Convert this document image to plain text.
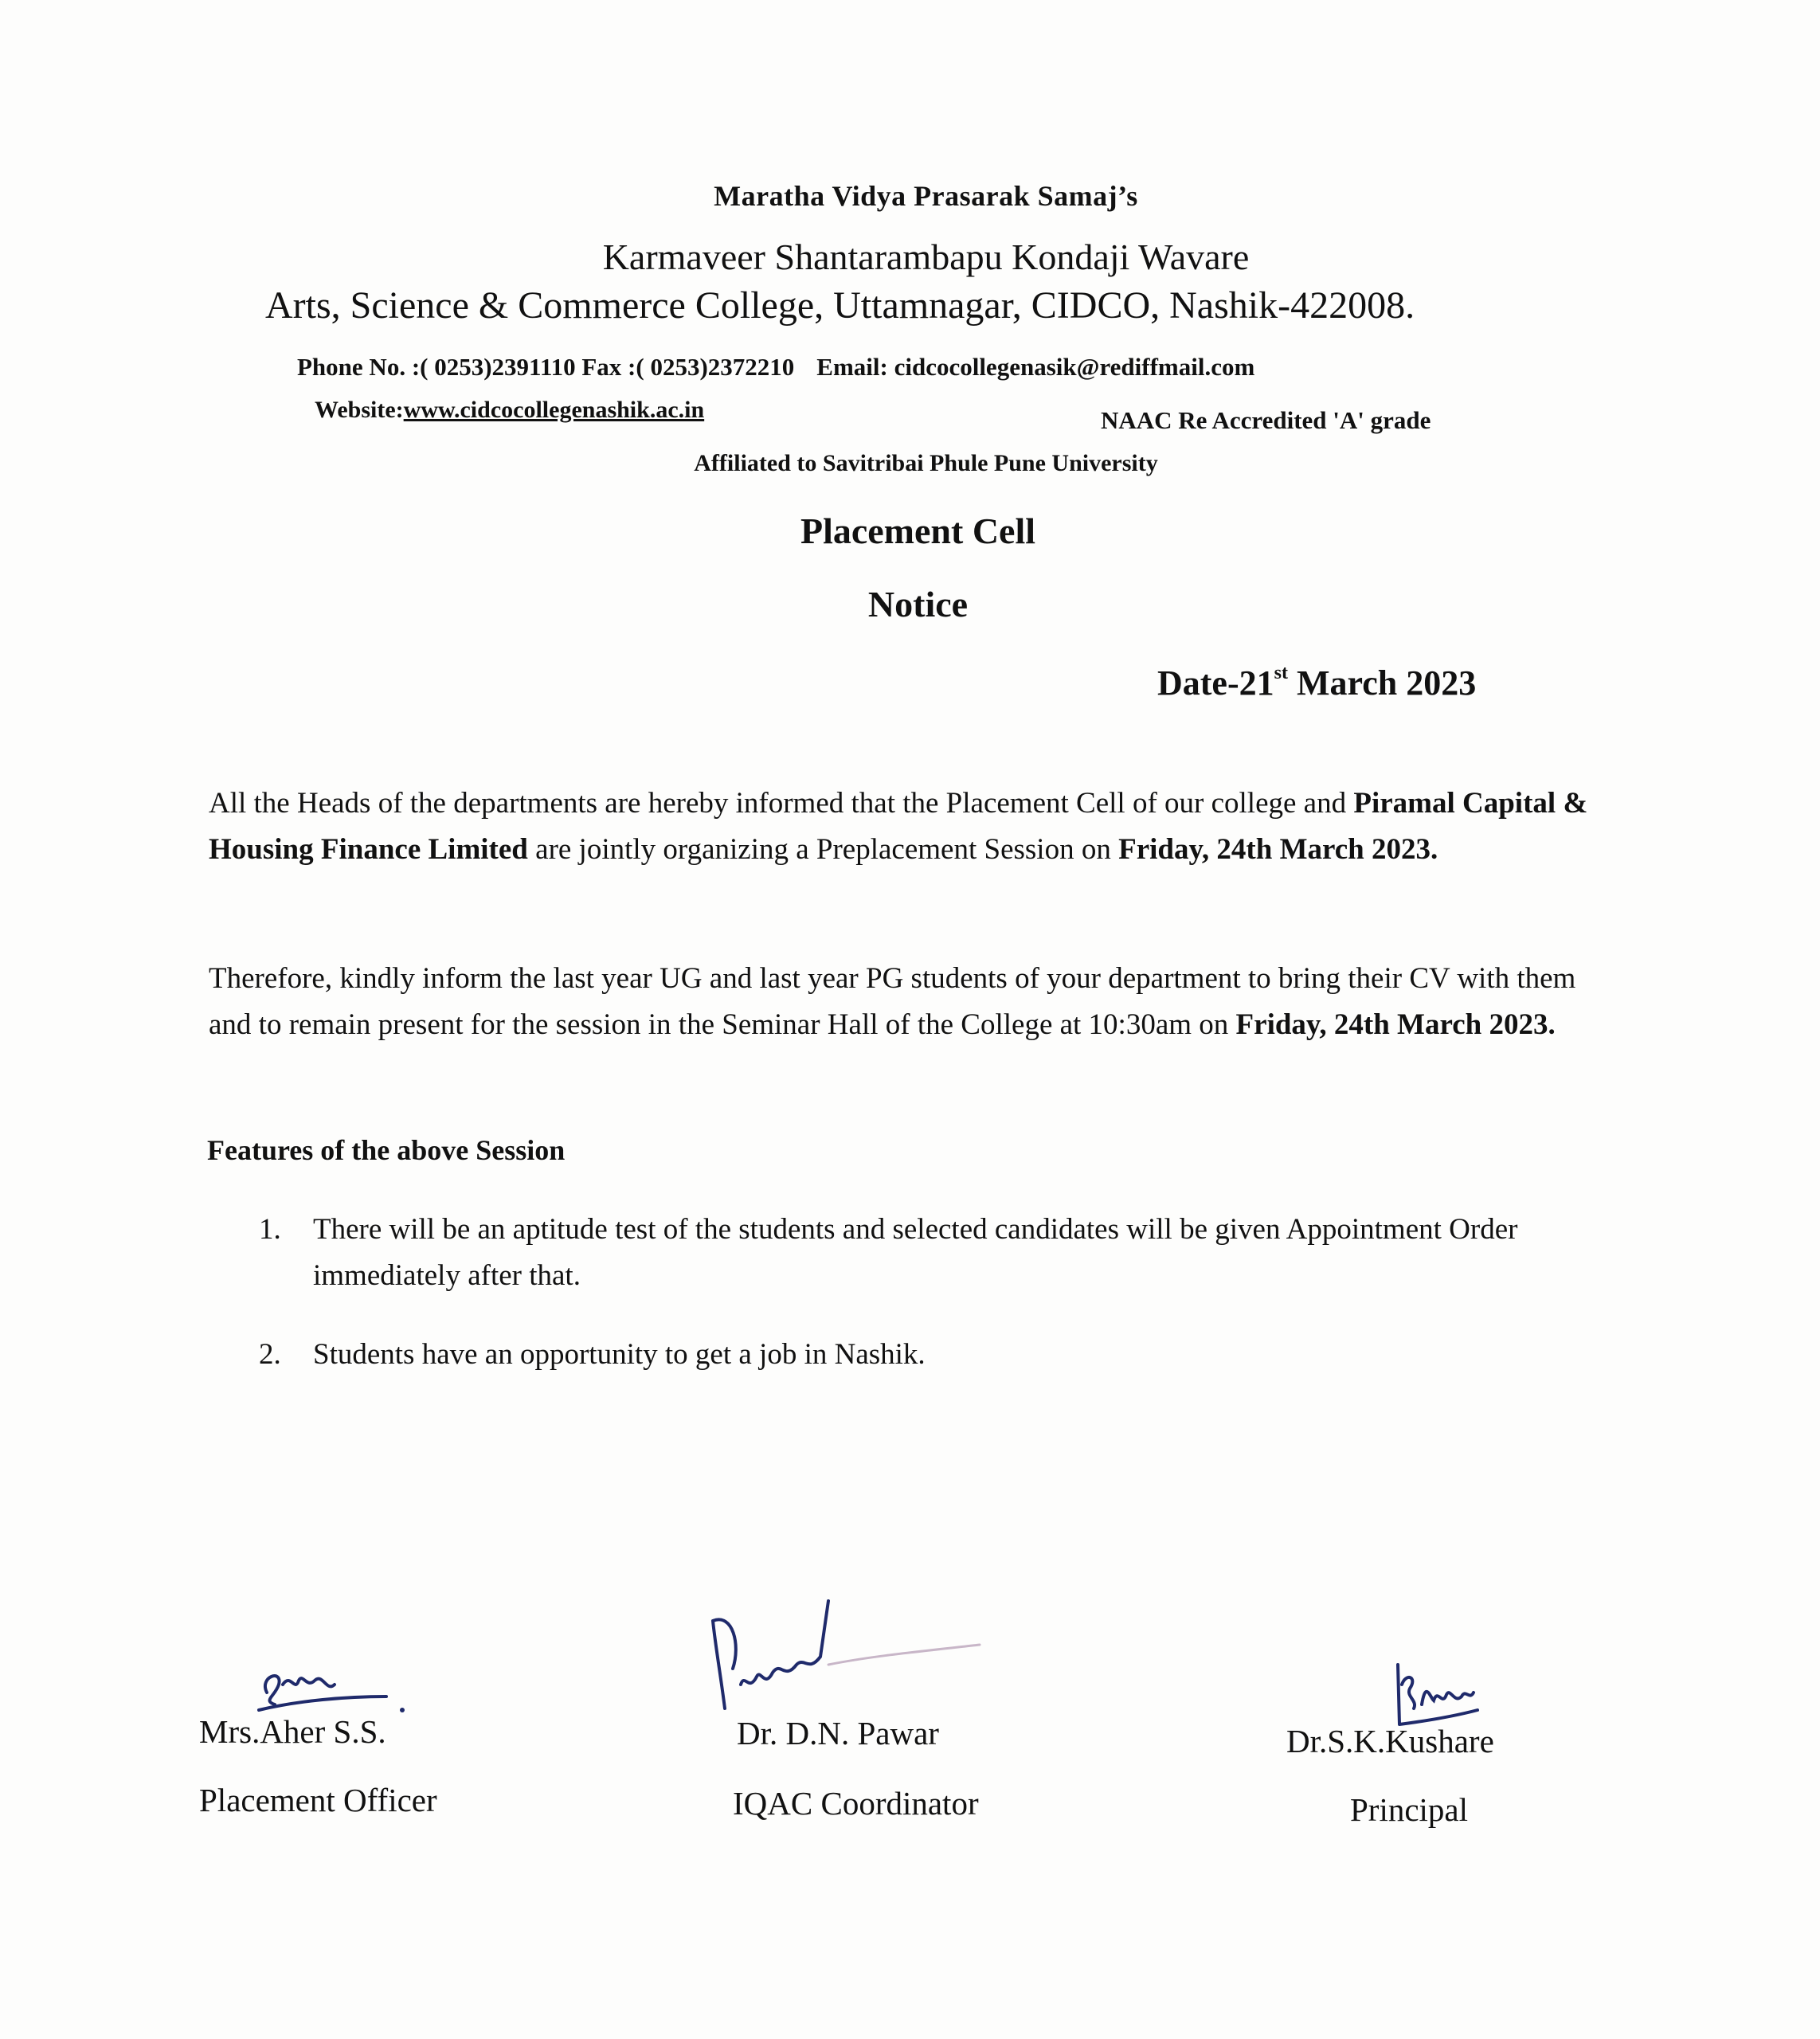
Maratha Vidya Prasarak Samaj’s
Karmaveer Shantarambapu Kondaji Wavare
Arts, Science & Commerce College, Uttamnagar, CIDCO, Nashik-422008.
Phone No. :( 0253)2391110 Fax :( 0253)2372210 Email: cidcocollegenasik@rediffmail.com
Website:www.cidcocollegenashik.ac.in	NAAC Re Accredited 'A' grade
Affiliated to Savitribai Phule Pune University
Placement Cell
Notice
Date-21st March 2023
All the Heads of the departments are hereby informed that the Placement Cell of our college and Piramal Capital & Housing Finance Limited are jointly organizing a Preplacement Session on Friday, 24th March 2023.
Therefore, kindly inform the last year UG and last year PG students of your department to bring their CV with them and to remain present for the session in the Seminar Hall of the College at 10:30am on Friday, 24th March 2023.
Features of the above Session
1. There will be an aptitude test of the students and selected candidates will be given Appointment Order immediately after that.
2. Students have an opportunity to get a job in Nashik.
Mrs.Aher S.S.
Placement Officer
Dr. D.N. Pawar
IQAC Coordinator
Dr.S.K.Kushare
Principal
